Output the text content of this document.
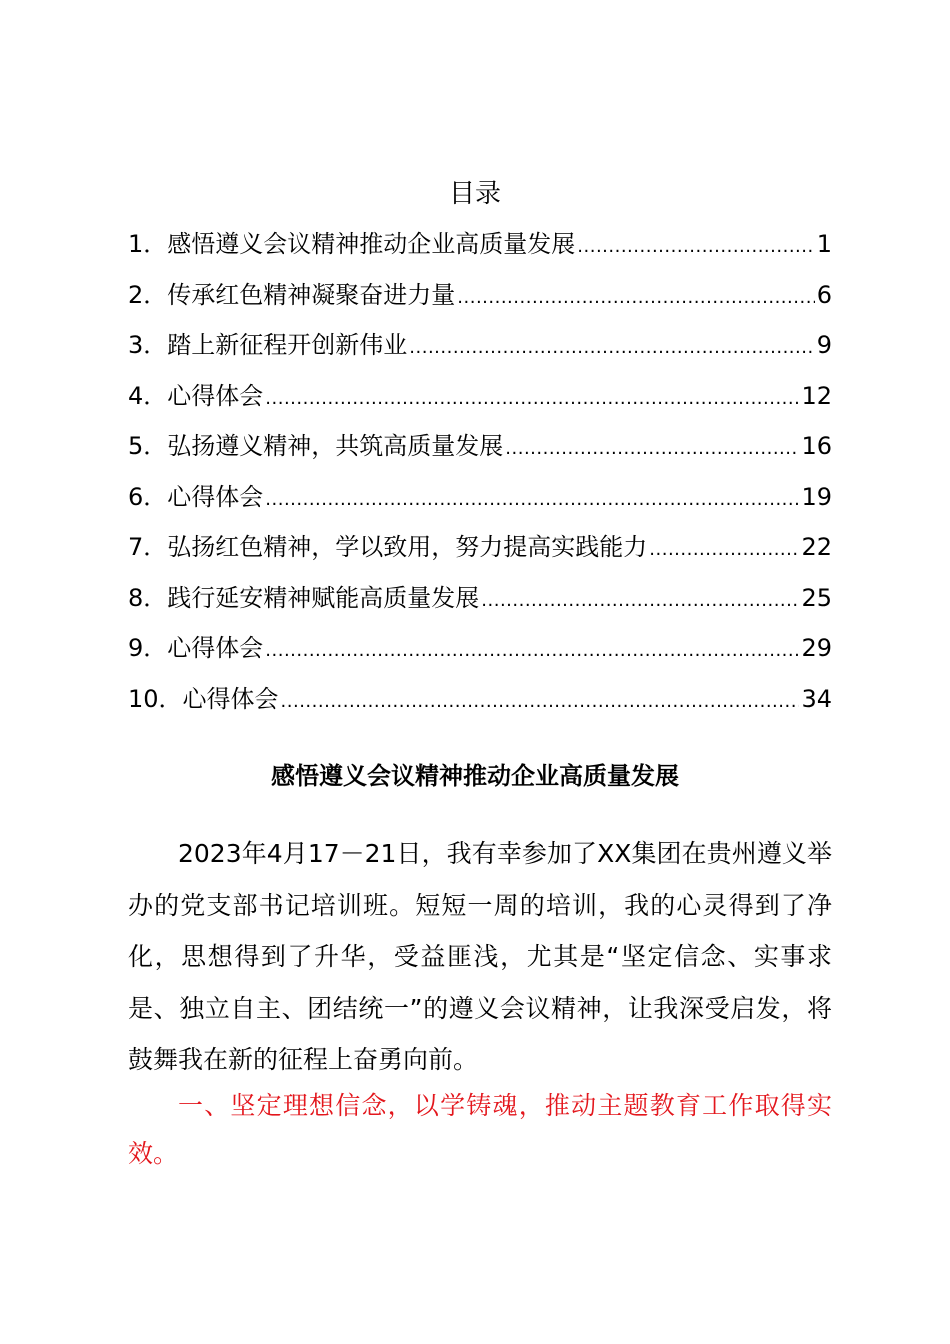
目录
1． 感悟遵义会议精神推动企业高质量发展 .....	1
2． 传承红色精神凝聚奋进力量 .....	6
3． 踏上新征程开创新伟业 .....	9
4． 心得体会 .....	12
5． 弘扬遵义精神，共筑高质量发展 .....	16
6． 心得体会 .....	19
7． 弘扬红色精神，学以致用，努力提高实践能力 .....	22
8． 践行延安精神赋能高质量发展 .....	25
9． 心得体会 .....	29
10． 心得体会 .....	34
感悟遵义会议精神推动企业高质量发展

2023年4月17－21日，我有幸参加了XX集团在贵州遵义举办的党支部书记培训班。短短一周的培训，我的心灵得到了净化，思想得到了升华，受益匪浅，尤其是“坚定信念、实事求是、独立自主、团结统一”的遵义会议精神，让我深受启发，将鼓舞我在新的征程上奋勇向前。

一、坚定理想信念，以学铸魂，推动主题教育工作取得实效。
